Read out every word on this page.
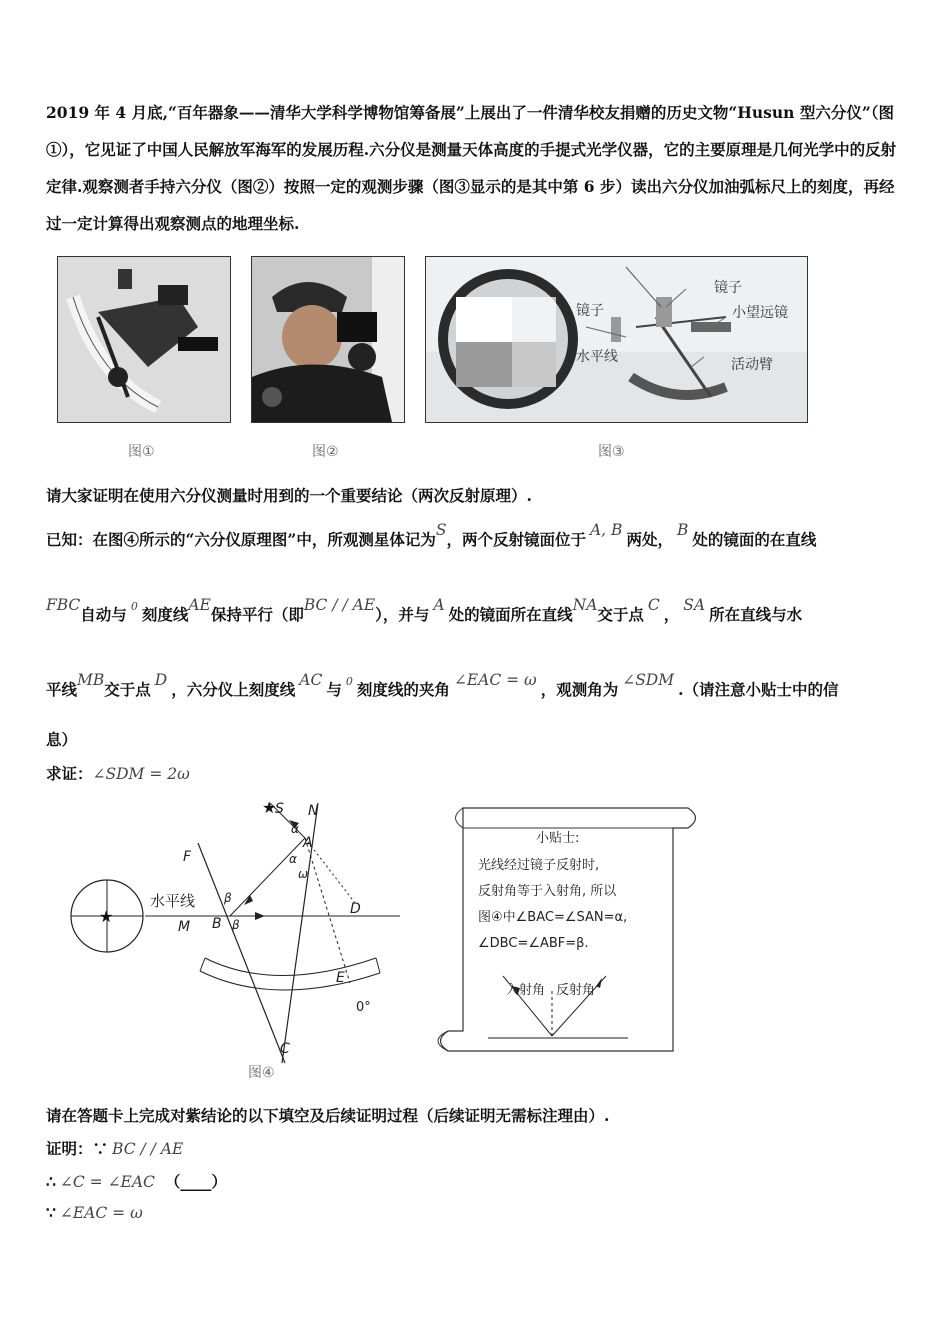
2019 年 4 月底,“百年器象——清华大学科学博物馆筹备展”上展出了一件清华校友捐赠的历史文物“Husun 型六分仪”（图①），它见证了中国人民解放军海军的发展历程.六分仪是测量天体高度的手提式光学仪器，它的主要原理是几何光学中的反射定律.观察测者手持六分仪（图②）按照一定的观测步骤（图③显示的是其中第 6 步）读出六分仪加油弧标尺上的刻度，再经过一定计算得出观察测点的地理坐标.
图①	图②
镜子
镜子	小望远镜
水平线	活动臂
图③
请大家证明在使用六分仪测量时用到的一个重要结论（两次反射原理）.
已知：在图④所示的“六分仪原理图”中，所观测星体记为S，两个反射镜面位于 A, B 两处， B 处的镜面的在直线
FBC自动与 $^0$ 刻度线AE保持平行（即BC / / AE），并与 A 处的镜面所在直线NA交于点 C ， SA 所在直线与水
平线MB交于点 D ，六分仪上刻度线 AC 与 $^0$ 刻度线的夹角 ∠EAC = ω ，观测角为 ∠SDM .（请注意小贴士中的信
息）
求证：∠SDM = 2ω
★
水平线
★
S N
A
F
B
M
D
E
C
α
α
ω
β
β
0°
图④
小贴士:
光线经过镜子反射时,
反射角等于入射角, 所以
图④中∠BAC=∠SAN=α,
∠DBC=∠ABF=β.
入射角 反射角
请在答题卡上完成对紫结论的以下填空及后续证明过程（后续证明无需标注理由）.
证明：∵ BC / / AE
∴ ∠C = ∠EAC （____）
∵ ∠EAC = ω
